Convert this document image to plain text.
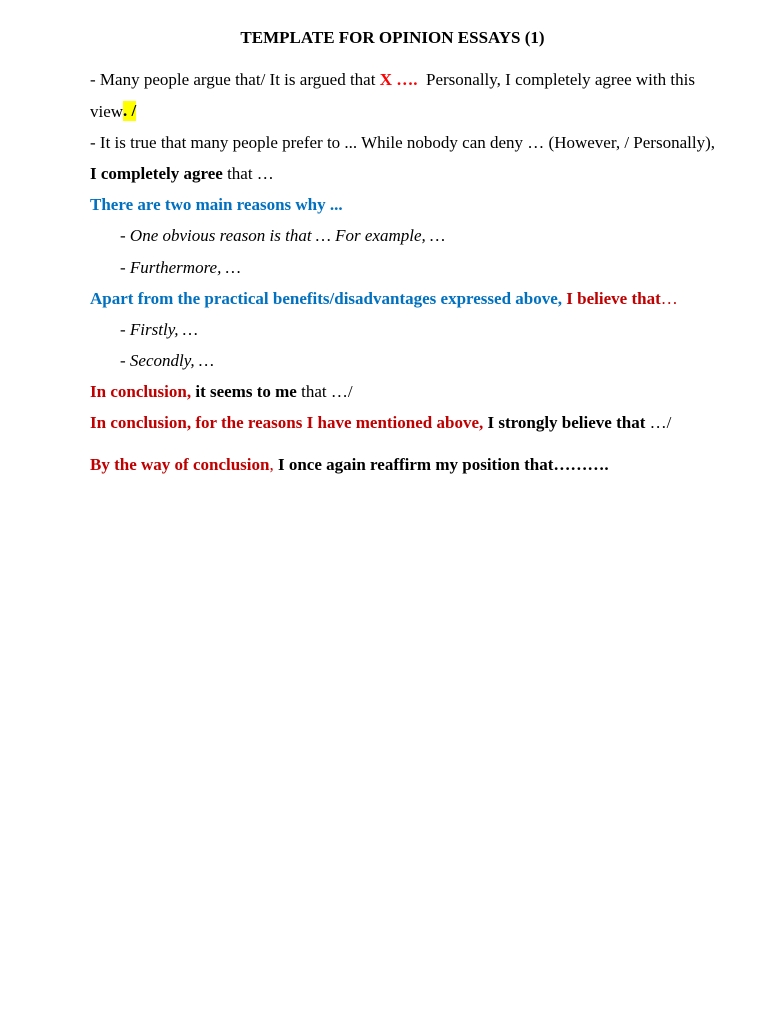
TEMPLATE FOR OPINION ESSAYS (1)
- Many people argue that/ It is argued that X …. Personally, I completely agree with this
view . /
- It is true that many people prefer to ... While nobody can deny … (However, / Personally),
I completely agree that …
There are two main reasons why ...
- One obvious reason is that … For example, …
- Furthermore, …
Apart from the practical benefits/disadvantages expressed above, I believe that …
- Firstly, …
- Secondly, …
In conclusion, it seems to me that …/
In conclusion, for the reasons I have mentioned above, I strongly believe that …/
By the way of conclusion , I once again reaffirm my position that……….
